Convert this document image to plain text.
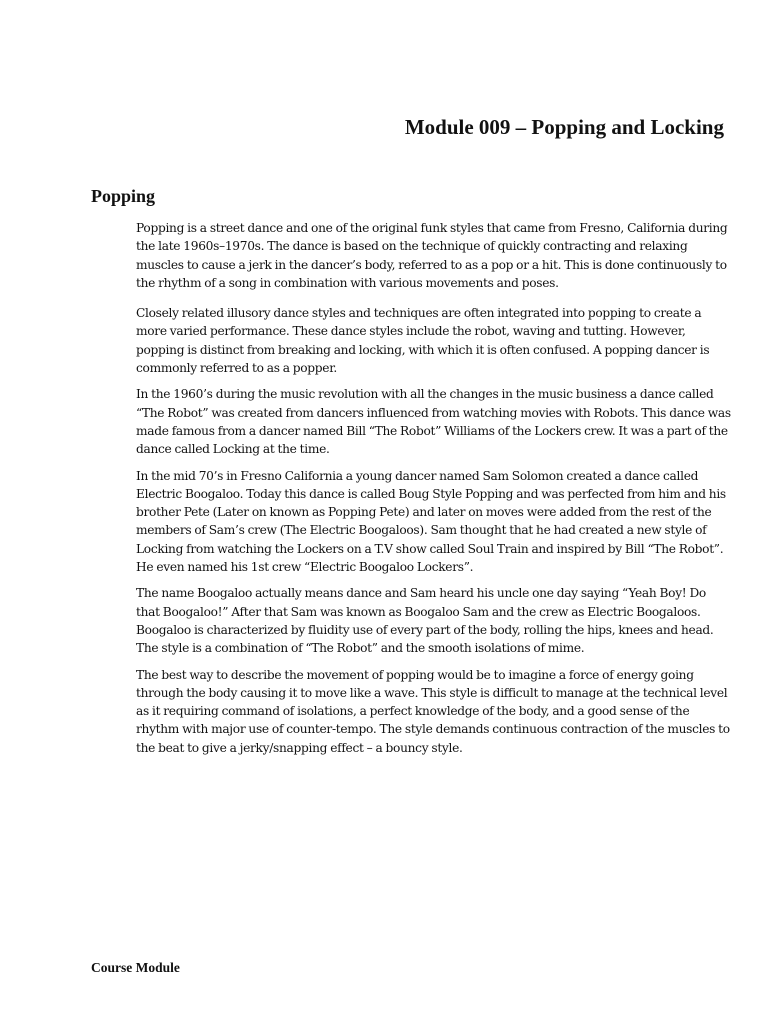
Module 009 – Popping and Locking
Popping

Popping is a street dance and one of the original funk styles that came from Fresno, California during the late 1960s–1970s. The dance is based on the technique of quickly contracting and relaxing muscles to cause a jerk in the dancer’s body, referred to as a pop or a hit. This is done continuously to the rhythm of a song in combination with various movements and poses.

Closely related illusory dance styles and techniques are often integrated into popping to create a more varied performance. These dance styles include the robot, waving and tutting. However, popping is distinct from breaking and locking, with which it is often confused. A popping dancer is commonly referred to as a popper.

In the 1960’s during the music revolution with all the changes in the music business a dance called “The Robot” was created from dancers influenced from watching movies with Robots. This dance was made famous from a dancer named Bill “The Robot” Williams of the Lockers crew. It was a part of the dance called Locking at the time.

In the mid 70’s in Fresno California a young dancer named Sam Solomon created a dance called Electric Boogaloo. Today this dance is called Boug Style Popping and was perfected from him and his brother Pete (Later on known as Popping Pete) and later on moves were added from the rest of the members of Sam’s crew (The Electric Boogaloos). Sam thought that he had created a new style of Locking from watching the Lockers on a T.V show called Soul Train and inspired by Bill “The Robot”. He even named his 1st crew “Electric Boogaloo Lockers”.

The name Boogaloo actually means dance and Sam heard his uncle one day saying “Yeah Boy! Do that Boogaloo!” After that Sam was known as Boogaloo Sam and the crew as Electric Boogaloos. Boogaloo is characterized by fluidity use of every part of the body, rolling the hips, knees and head. The style is a combination of “The Robot” and the smooth isolations of mime.

The best way to describe the movement of popping would be to imagine a force of energy going through the body causing it to move like a wave. This style is difficult to manage at the technical level as it requiring command of isolations, a perfect knowledge of the body, and a good sense of the rhythm with major use of counter-tempo. The style demands continuous contraction of the muscles to the beat to give a jerky/snapping effect – a bouncy style.

Course Module
